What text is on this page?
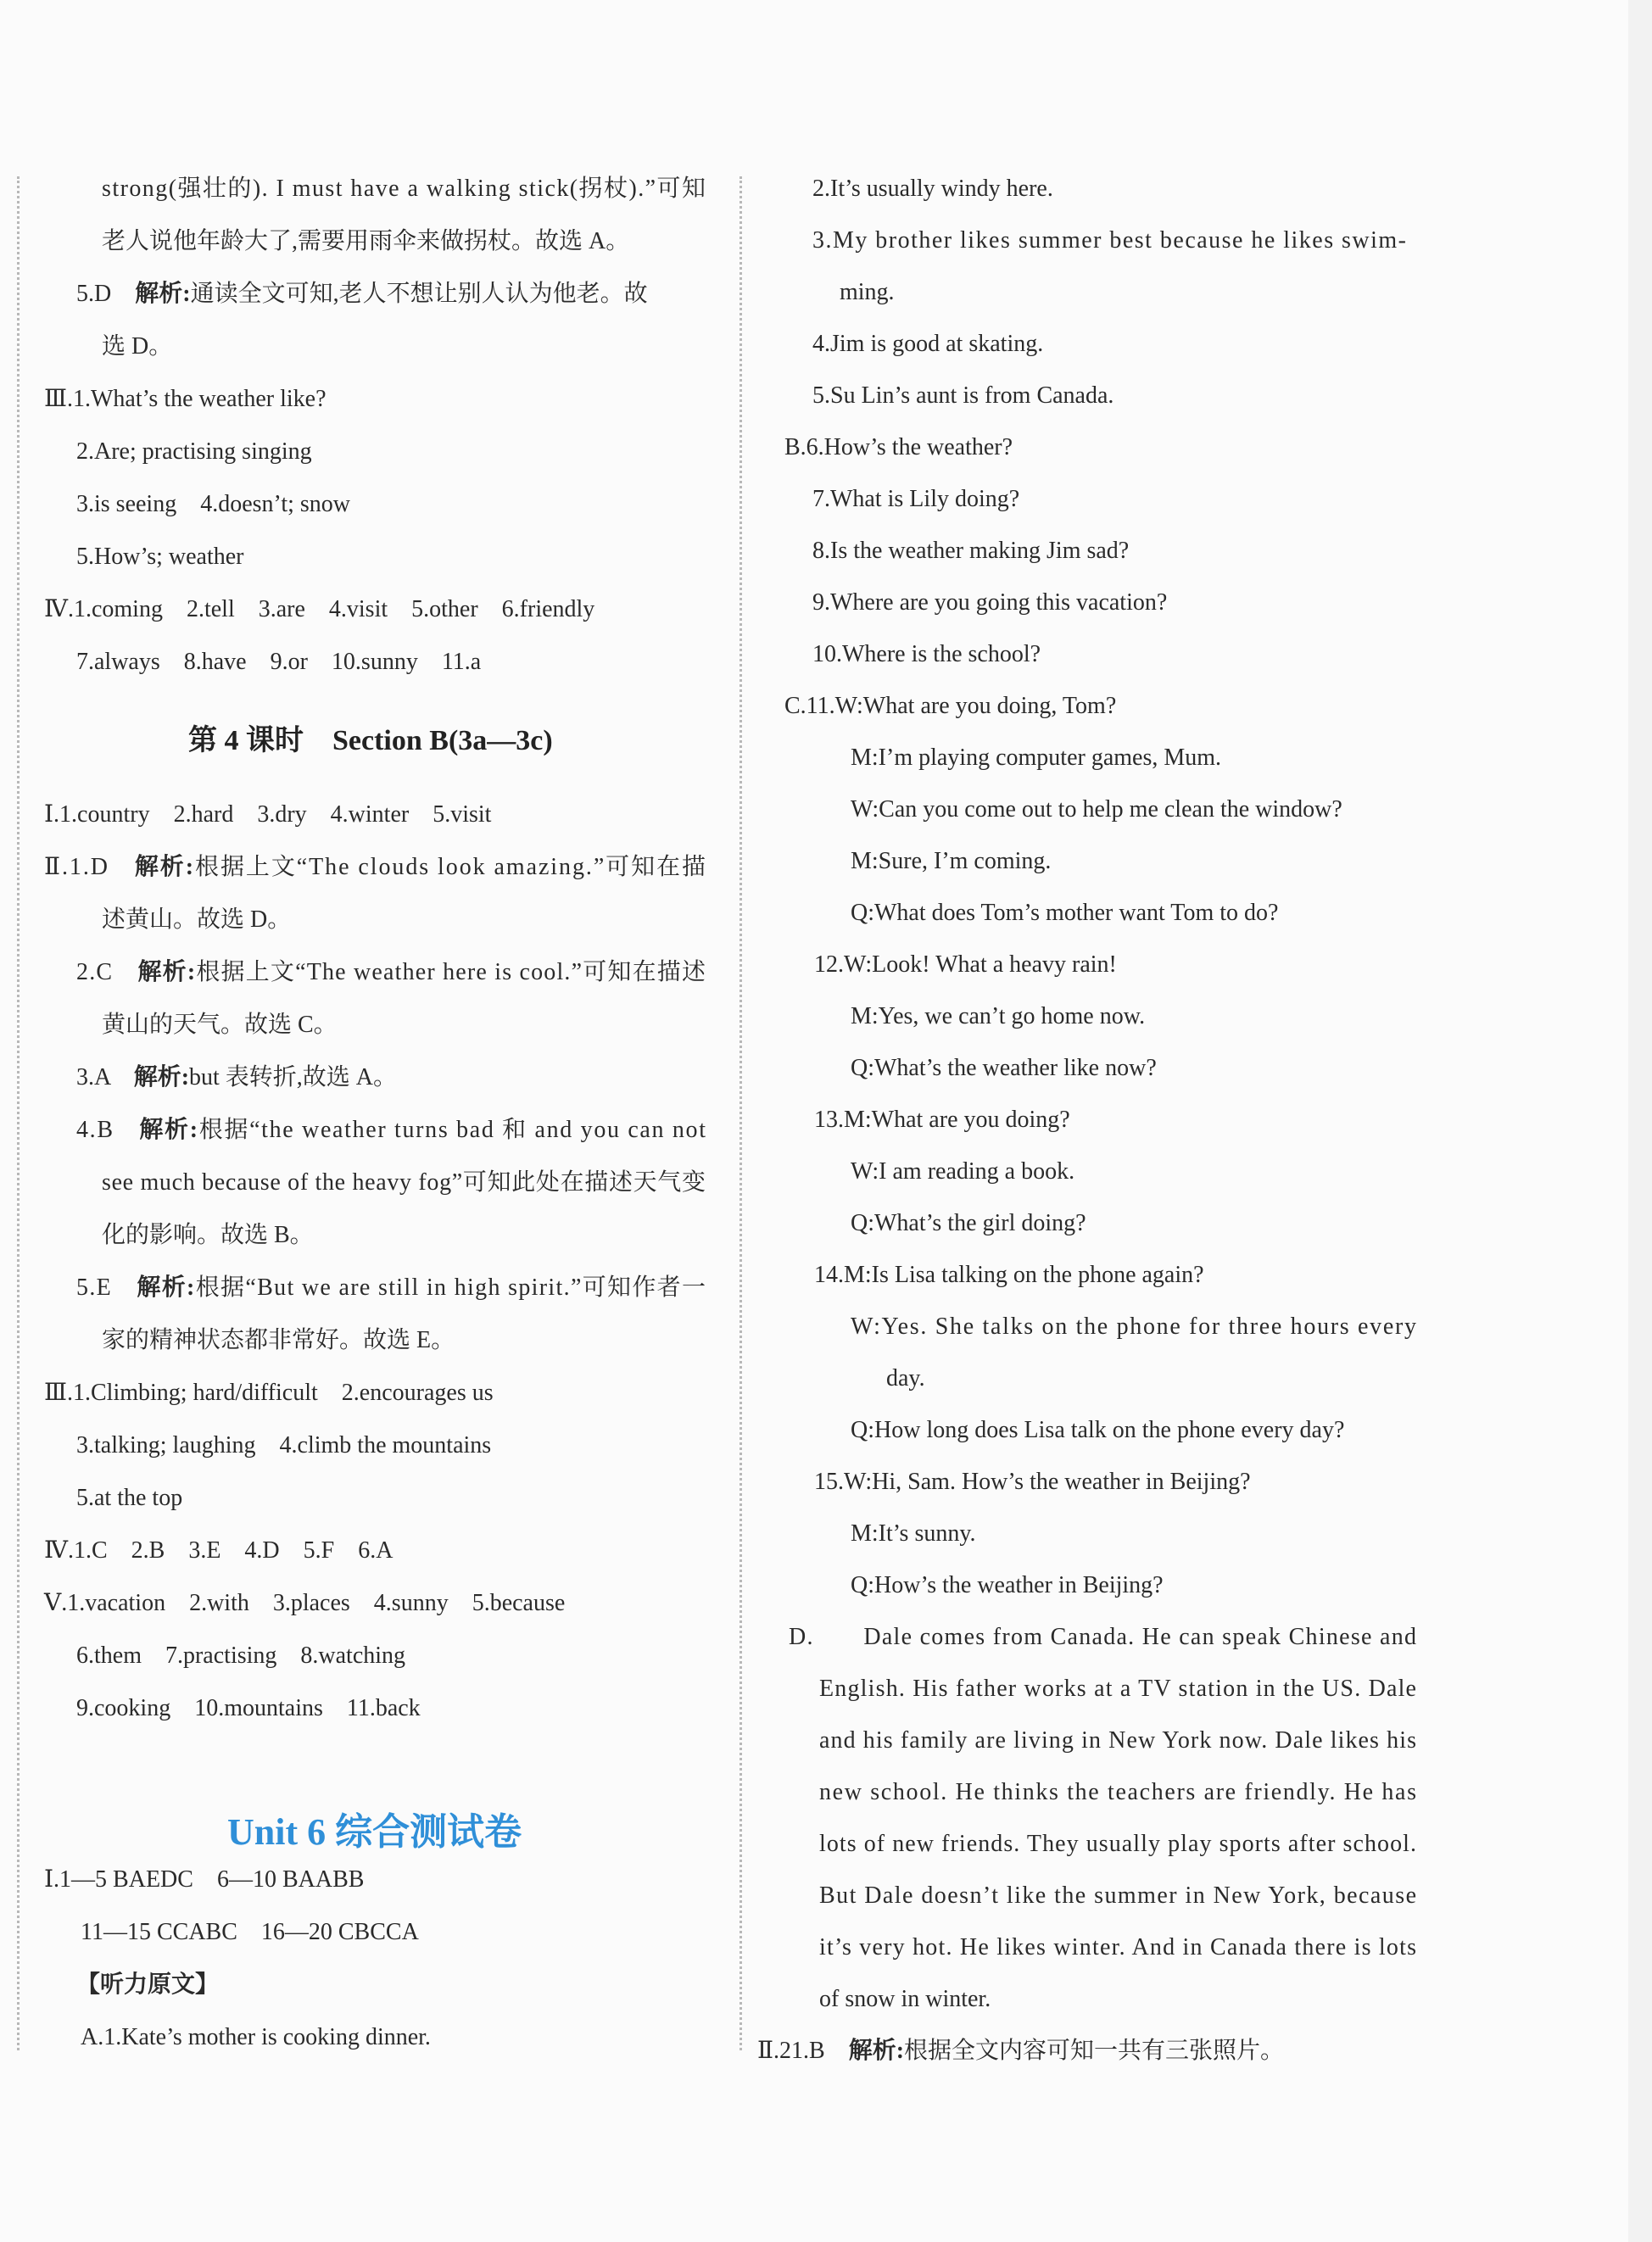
strong(强壮的). I must have a walking stick(拐杖).”可知
老人说他年龄大了,需要用雨伞来做拐杖。故选 A。
5.D　解析:通读全文可知,老人不想让别人认为他老。故
选 D。
Ⅲ.1.What’s the weather like?
2.Are; practising singing
3.is seeing　4.doesn’t; snow
5.How’s; weather
Ⅳ.1.coming　2.tell　3.are　4.visit　5.other　6.friendly
7.always　8.have　9.or　10.sunny　11.a
Ⅰ.1.country　2.hard　3.dry　4.winter　5.visit
Ⅱ.1.D　解析:根据上文“The clouds look amazing.”可知在描
述黄山。故选 D。
2.C　解析:根据上文“The weather here is cool.”可知在描述
黄山的天气。故选 C。
3.A　解析:but 表转折,故选 A。
4.B　解析:根据“the weather turns bad 和 and you can not
see much because of the heavy fog”可知此处在描述天气变
化的影响。故选 B。
5.E　解析:根据“But we are still in high spirit.”可知作者一
家的精神状态都非常好。故选 E。
Ⅲ.1.Climbing; hard/difficult　2.encourages us
3.talking; laughing　4.climb the mountains
5.at the top
Ⅳ.1.C　2.B　3.E　4.D　5.F　6.A
Ⅴ.1.vacation　2.with　3.places　4.sunny　5.because
6.them　7.practising　8.watching
9.cooking　10.mountains　11.back
Ⅰ.1—5 BAEDC　6—10 BAABB
11—15 CCABC　16—20 CBCCA
【听力原文】
A.1.Kate’s mother is cooking dinner.
第 4 课时　Section B(3a—3c)
Unit 6 综合测试卷
2.It’s usually windy here.
3.My brother likes summer best because he likes swim-
ming.
4.Jim is good at skating.
5.Su Lin’s aunt is from Canada.
B.6.How’s the weather?
7.What is Lily doing?
8.Is the weather making Jim sad?
9.Where are you going this vacation?
10.Where is the school?
C.11.W:What are you doing, Tom?
M:I’m playing computer games, Mum.
W:Can you come out to help me clean the window?
M:Sure, I’m coming.
Q:What does Tom’s mother want Tom to do?
12.W:Look! What a heavy rain!
M:Yes, we can’t go home now.
Q:What’s the weather like now?
13.M:What are you doing?
W:I am reading a book.
Q:What’s the girl doing?
14.M:Is Lisa talking on the phone again?
W:Yes. She talks on the phone for three hours every
day.
Q:How long does Lisa talk on the phone every day?
15.W:Hi, Sam. How’s the weather in Beijing?
M:It’s sunny.
Q:How’s the weather in Beijing?
D.　　Dale comes from Canada. He can speak Chinese and
English. His father works at a TV station in the US. Dale
and his family are living in New York now. Dale likes his
new school. He thinks the teachers are friendly. He has
lots of new friends. They usually play sports after school.
But Dale doesn’t like the summer in New York, because
it’s very hot. He likes winter. And in Canada there is lots
of snow in winter.
Ⅱ.21.B　解析:根据全文内容可知一共有三张照片。
